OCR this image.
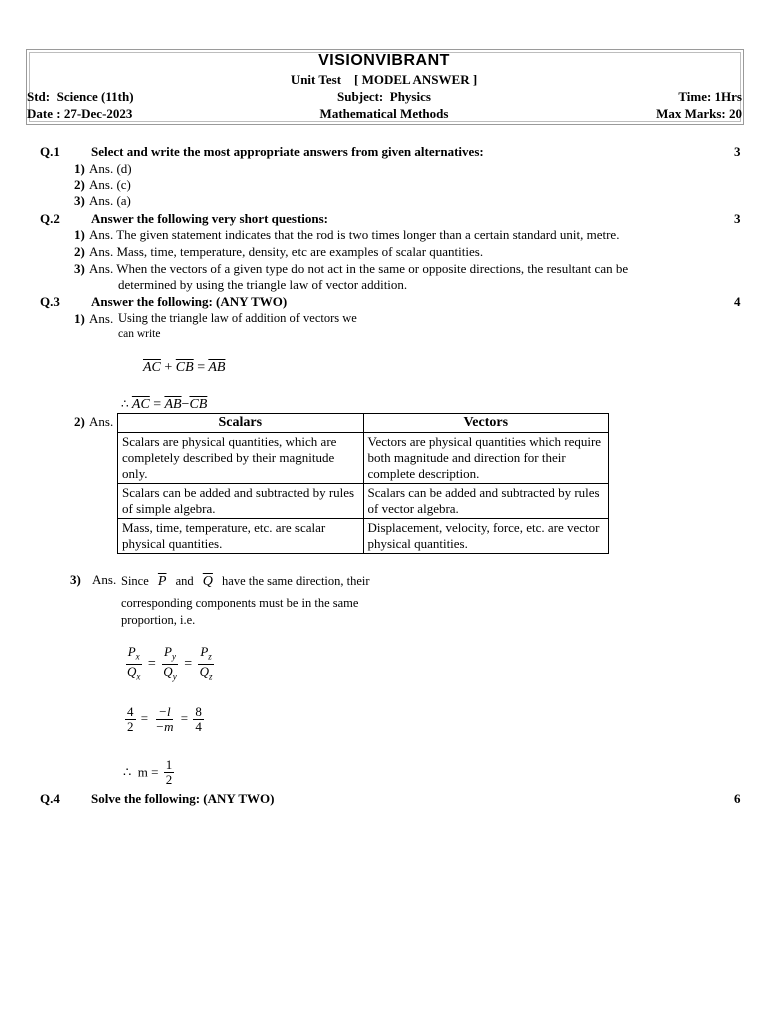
VISIONVIBRANT
Unit Test    [ MODEL ANSWER ]
Std:  Science (11th)	Subject:  Physics	Time: 1Hrs
Date : 27-Dec-2023	Mathematical Methods	Max Marks: 20
Q.1 Select and write the most appropriate answers from given alternatives:	3
1) Ans. (d)
2) Ans. (c)
3) Ans. (a)
Q.2 Answer the following very short questions:	3
1) Ans. The given statement indicates that the rod is two times longer than a certain standard unit, metre.
2) Ans. Mass, time, temperature, density, etc are examples of scalar quantities.
3) Ans. When the vectors of a given type do not act in the same or opposite directions, the resultant can be
determined by using the triangle law of vector addition.
Q.3 Answer the following: (ANY TWO)	4
1) Ans. Using the triangle law of addition of vectors we
can write
$\overline{AC} + \overline{CB} = \overline{AB}$
∴ $\overline{AC} = \overline{AB}-\overline{CB}$
2) Ans.	Scalars	Vectors
Scalars are physical quantities, which are completely described by their magnitude only.	Vectors are physical quantities which require both magnitude and direction for their complete description.
Scalars can be added and subtracted by rules of simple algebra.	Scalars can be added and subtracted by rules of vector algebra.
Mass, time, temperature, etc. are scalar physical quantities.	Displacement, velocity, force, etc. are vector physical quantities.
3) Ans. Since $\overline{P}$ and $\overline{Q}$ have the same direction, their
corresponding components must be in the same
proportion, i.e.
$\frac{P_x}{Q_x} = \frac{P_y}{Q_y} = \frac{P_z}{Q_z}$
$\frac{4}{2} = \frac{-l}{-m} = \frac{8}{4}$
∴  $m = \frac{1}{2}$
Q.4 Solve the following: (ANY TWO)	6
